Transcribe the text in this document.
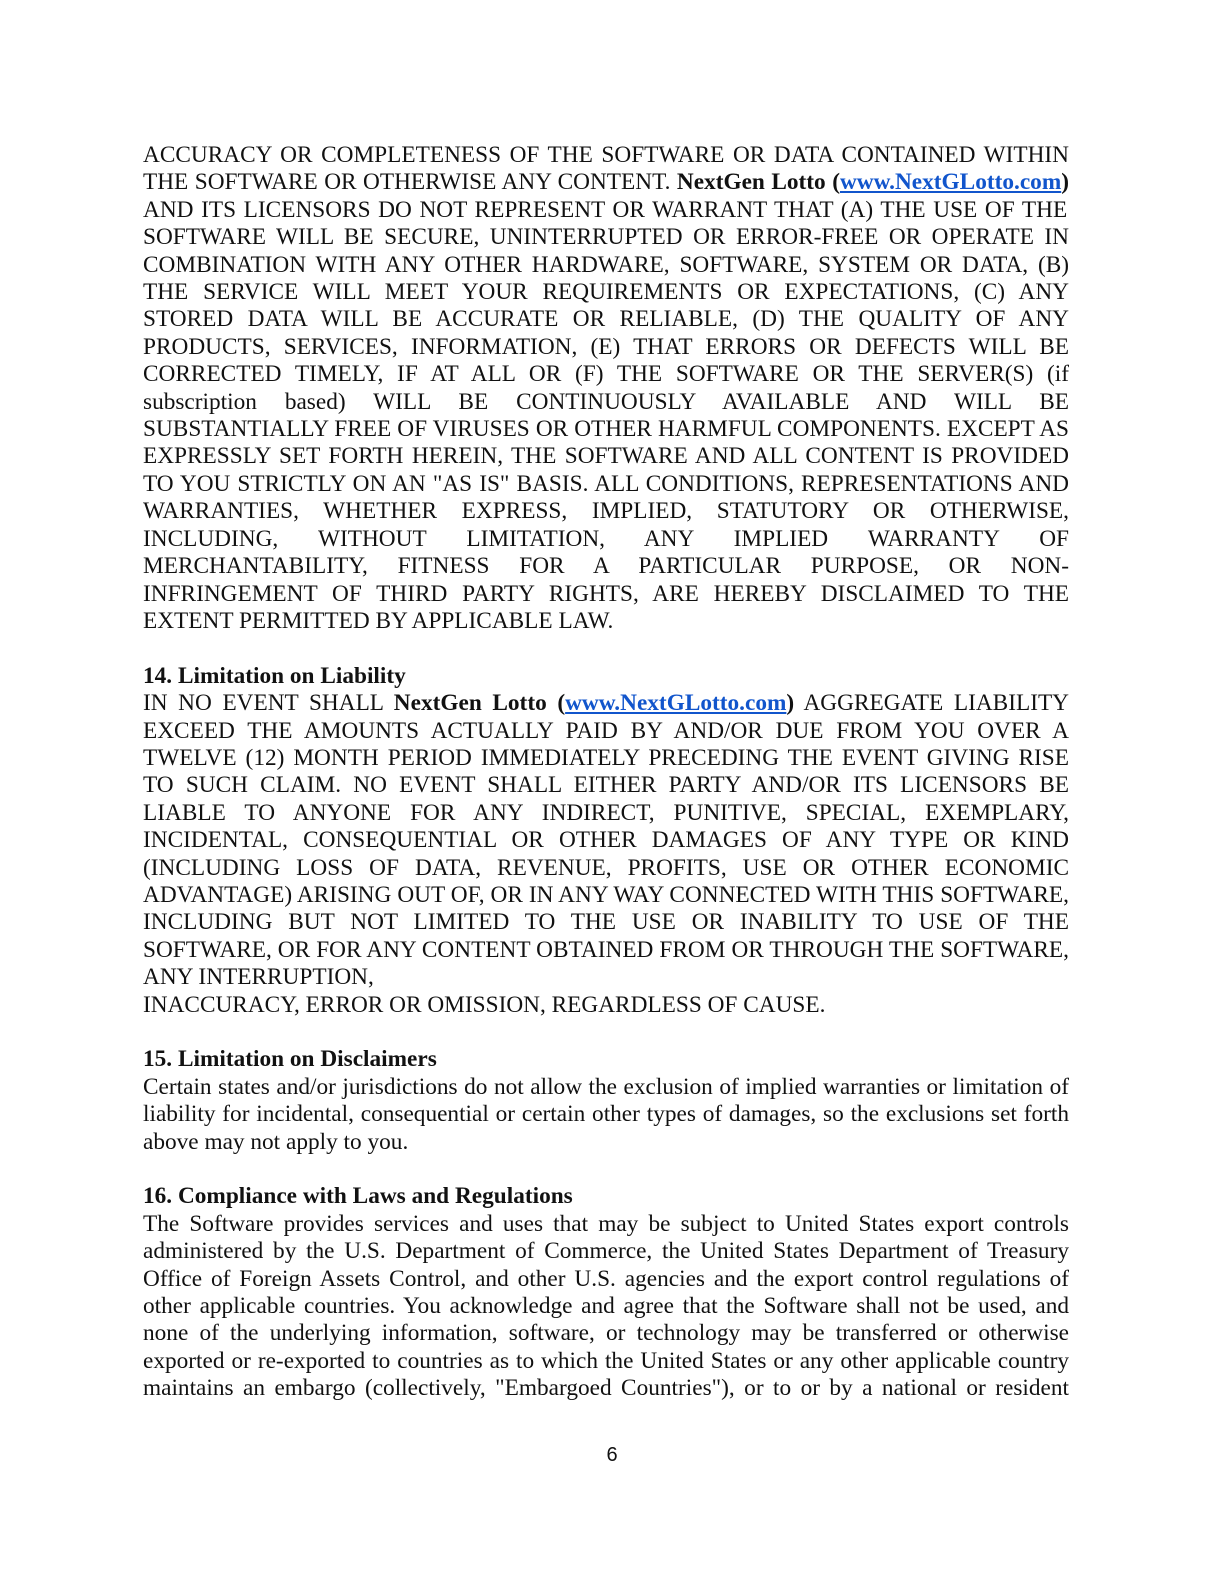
ACCURACY OR COMPLETENESS OF THE SOFTWARE OR DATA CONTAINED WITHIN THE SOFTWARE OR OTHERWISE ANY CONTENT. NextGen Lotto (www.NextGLotto.com) AND ITS LICENSORS DO NOT REPRESENT OR WARRANT THAT (A) THE USE OF THE SOFTWARE WILL BE SECURE, UNINTERRUPTED OR ERROR-FREE OR OPERATE IN COMBINATION WITH ANY OTHER HARDWARE, SOFTWARE, SYSTEM OR DATA, (B) THE SERVICE WILL MEET YOUR REQUIREMENTS OR EXPECTATIONS, (C) ANY STORED DATA WILL BE ACCURATE OR RELIABLE, (D) THE QUALITY OF ANY PRODUCTS, SERVICES, INFORMATION, (E) THAT ERRORS OR DEFECTS WILL BE CORRECTED TIMELY, IF AT ALL OR (F) THE SOFTWARE OR THE SERVER(S) (if subscription based) WILL BE CONTINUOUSLY AVAILABLE AND WILL BE SUBSTANTIALLY FREE OF VIRUSES OR OTHER HARMFUL COMPONENTS. EXCEPT AS EXPRESSLY SET FORTH HEREIN, THE SOFTWARE AND ALL CONTENT IS PROVIDED TO YOU STRICTLY ON AN "AS IS" BASIS. ALL CONDITIONS, REPRESENTATIONS AND WARRANTIES, WHETHER EXPRESS, IMPLIED, STATUTORY OR OTHERWISE, INCLUDING, WITHOUT LIMITATION, ANY IMPLIED WARRANTY OF MERCHANTABILITY, FITNESS FOR A PARTICULAR PURPOSE, OR NON-INFRINGEMENT OF THIRD PARTY RIGHTS, ARE HEREBY DISCLAIMED TO THE EXTENT PERMITTED BY APPLICABLE LAW.

14. Limitation on Liability

IN NO EVENT SHALL NextGen Lotto (www.NextGLotto.com) AGGREGATE LIABILITY EXCEED THE AMOUNTS ACTUALLY PAID BY AND/OR DUE FROM YOU OVER A TWELVE (12) MONTH PERIOD IMMEDIATELY PRECEDING THE EVENT GIVING RISE TO SUCH CLAIM. NO EVENT SHALL EITHER PARTY AND/OR ITS LICENSORS BE LIABLE TO ANYONE FOR ANY INDIRECT, PUNITIVE, SPECIAL, EXEMPLARY, INCIDENTAL, CONSEQUENTIAL OR OTHER DAMAGES OF ANY TYPE OR KIND (INCLUDING LOSS OF DATA, REVENUE, PROFITS, USE OR OTHER ECONOMIC ADVANTAGE) ARISING OUT OF, OR IN ANY WAY CONNECTED WITH THIS SOFTWARE, INCLUDING BUT NOT LIMITED TO THE USE OR INABILITY TO USE OF THE SOFTWARE, OR FOR ANY CONTENT OBTAINED FROM OR THROUGH THE SOFTWARE, ANY INTERRUPTION,

INACCURACY, ERROR OR OMISSION, REGARDLESS OF CAUSE.

15. Limitation on Disclaimers

Certain states and/or jurisdictions do not allow the exclusion of implied warranties or limitation of liability for incidental, consequential or certain other types of damages, so the exclusions set forth above may not apply to you.

16. Compliance with Laws and Regulations

The Software provides services and uses that may be subject to United States export controls administered by the U.S. Department of Commerce, the United States Department of Treasury Office of Foreign Assets Control, and other U.S. agencies and the export control regulations of other applicable countries. You acknowledge and agree that the Software shall not be used, and none of the underlying information, software, or technology may be transferred or otherwise exported or re-exported to countries as to which the United States or any other applicable country maintains an embargo (collectively, "Embargoed Countries"), or to or by a national or resident

6
